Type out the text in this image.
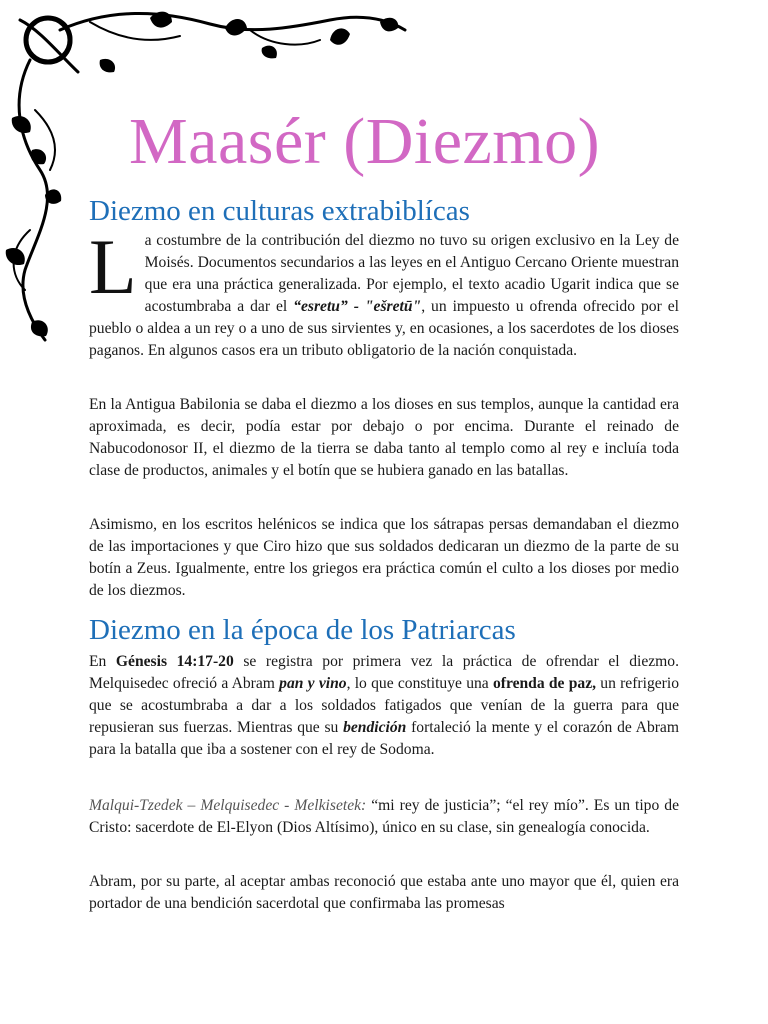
Maasér (Diezmo)
Diezmo en culturas extrabiblícas

La costumbre de la contribución del diezmo no tuvo su origen exclusivo en la Ley de Moisés. Documentos secundarios a las leyes en el Antiguo Cercano Oriente muestran que era una práctica generalizada. Por ejemplo, el texto acadio Ugarit indica que se acostumbraba a dar el “esretu” - "ešretū", un impuesto u ofrenda ofrecido por el pueblo o aldea a un rey o a uno de sus sirvientes y, en ocasiones, a los sacerdotes de los dioses paganos. En algunos casos era un tributo obligatorio de la nación conquistada.

En la Antigua Babilonia se daba el diezmo a los dioses en sus templos, aunque la cantidad era aproximada, es decir, podía estar por debajo o por encima. Durante el reinado de Nabucodonosor II, el diezmo de la tierra se daba tanto al templo como al rey e incluía toda clase de productos, animales y el botín que se hubiera ganado en las batallas.

Asimismo, en los escritos helénicos se indica que los sátrapas persas demandaban el diezmo de las importaciones y que Ciro hizo que sus soldados dedicaran un diezmo de la parte de su botín a Zeus. Igualmente, entre los griegos era práctica común el culto a los dioses por medio de los diezmos.

Diezmo en la época de los Patriarcas

En Génesis 14:17-20 se registra por primera vez la práctica de ofrendar el diezmo. Melquisedec ofreció a Abram pan y vino, lo que constituye una ofrenda de paz, un refrigerio que se acostumbraba a dar a los soldados fatigados que venían de la guerra para que repusieran sus fuerzas. Mientras que su bendición fortaleció la mente y el corazón de Abram para la batalla que iba a sostener con el rey de Sodoma.

Malqui-Tzedek – Melquisedec - Melkisetek: “mi rey de justicia”; “el rey mío”. Es un tipo de Cristo: sacerdote de El-Elyon (Dios Altísimo), único en su clase, sin genealogía conocida.

Abram, por su parte, al aceptar ambas reconoció que estaba ante uno mayor que él, quien era portador de una bendición sacerdotal que confirmaba las promesas
